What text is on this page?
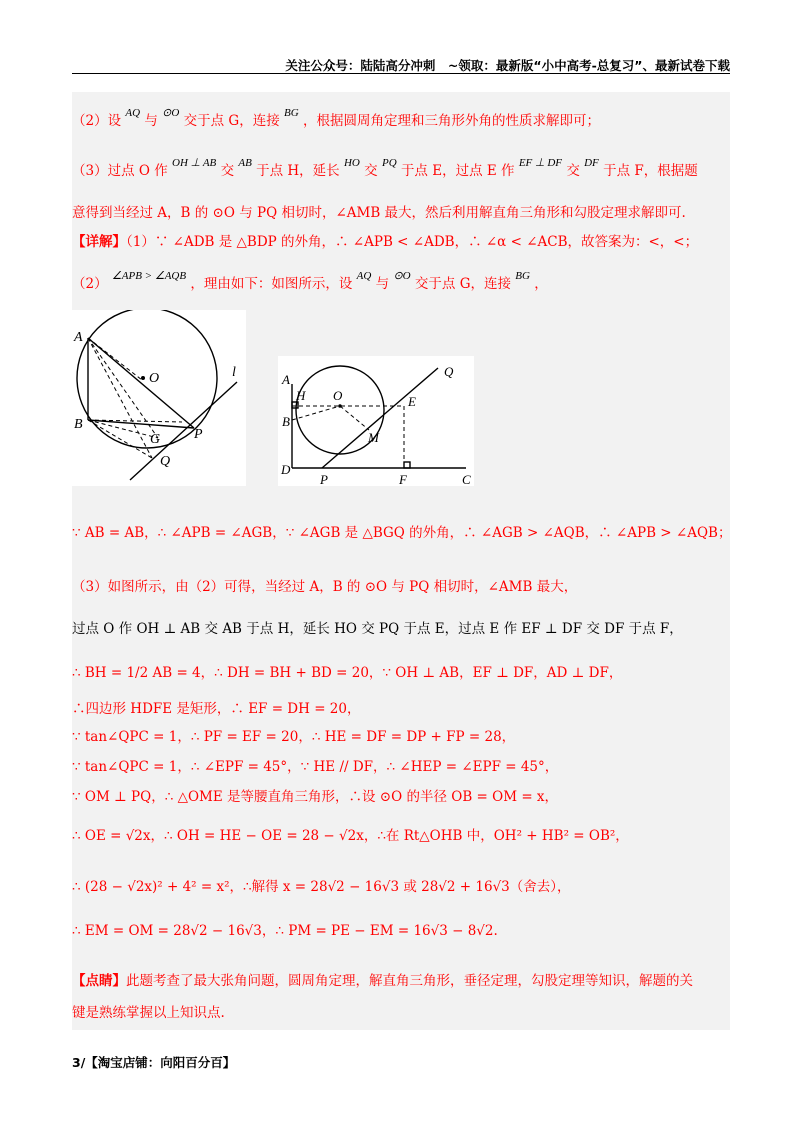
关注公众号：陆陆高分冲刺　~领取：最新版“小中高考-总复习”、最新试卷下载
（2）设 $^{AQ}$ 与 $^{⊙O}$ 交于点 G，连接 $^{BG}$ ，根据圆周角定理和三角形外角的性质求解即可；
（3）过点 O 作 $^{OH \perp AB}$ 交 $^{AB}$ 于点 H，延长 $^{HO}$ 交 $^{PQ}$ 于点 E，过点 E 作 $^{EF \perp DF}$ 交 $^{DF}$ 于点 F，根据题
意得到当经过 A，B 的 ⊙O 与 PQ 相切时，∠AMB 最大，然后利用解直角三角形和勾股定理求解即可.
【详解】（1）∵ ∠ADB 是 △BDP 的外角，∴ ∠APB < ∠ADB，∴ ∠α < ∠ACB，故答案为：<，<；
（2） $^{\angle APB > \angle AQB}$ ，理由如下：如图所示，设 $^{AQ}$ 与 $^{⊙O}$ 交于点 G，连接 $^{BG}$ ，
A
O	l
B
G P
Q
A
H O
Q
E
B
M
D
P	F	C
∵ AB = AB，∴ ∠APB = ∠AGB，∵ ∠AGB 是 △BGQ 的外角，∴ ∠AGB > ∠AQB，∴ ∠APB > ∠AQB；
（3）如图所示，由（2）可得，当经过 A，B 的 ⊙O 与 PQ 相切时，∠AMB 最大，
过点 O 作 OH ⊥ AB 交 AB 于点 H，延长 HO 交 PQ 于点 E，过点 E 作 EF ⊥ DF 交 DF 于点 F，
∴ BH = 1/2 AB = 4，∴ DH = BH + BD = 20，∵ OH ⊥ AB，EF ⊥ DF，AD ⊥ DF，
∴四边形 HDFE 是矩形，∴ EF = DH = 20，
∵ tan∠QPC = 1，∴ PF = EF = 20，∴ HE = DF = DP + FP = 28，
∵ tan∠QPC = 1，∴ ∠EPF = 45°，∵ HE // DF，∴ ∠HEP = ∠EPF = 45°，
∵ OM ⊥ PQ，∴ △OME 是等腰直角三角形，∴设 ⊙O 的半径 OB = OM = x，
∴ OE = √2x，∴ OH = HE − OE = 28 − √2x，∴在 Rt△OHB 中，OH² + HB² = OB²，
∴ (28 − √2x)² + 4² = x²，∴解得 x = 28√2 − 16√3 或 28√2 + 16√3（舍去），
∴ EM = OM = 28√2 − 16√3，∴ PM = PE − EM = 16√3 − 8√2.
【点睛】此题考查了最大张角问题，圆周角定理，解直角三角形，垂径定理，勾股定理等知识，解题的关
键是熟练掌握以上知识点.
3/【淘宝店铺：向阳百分百】
